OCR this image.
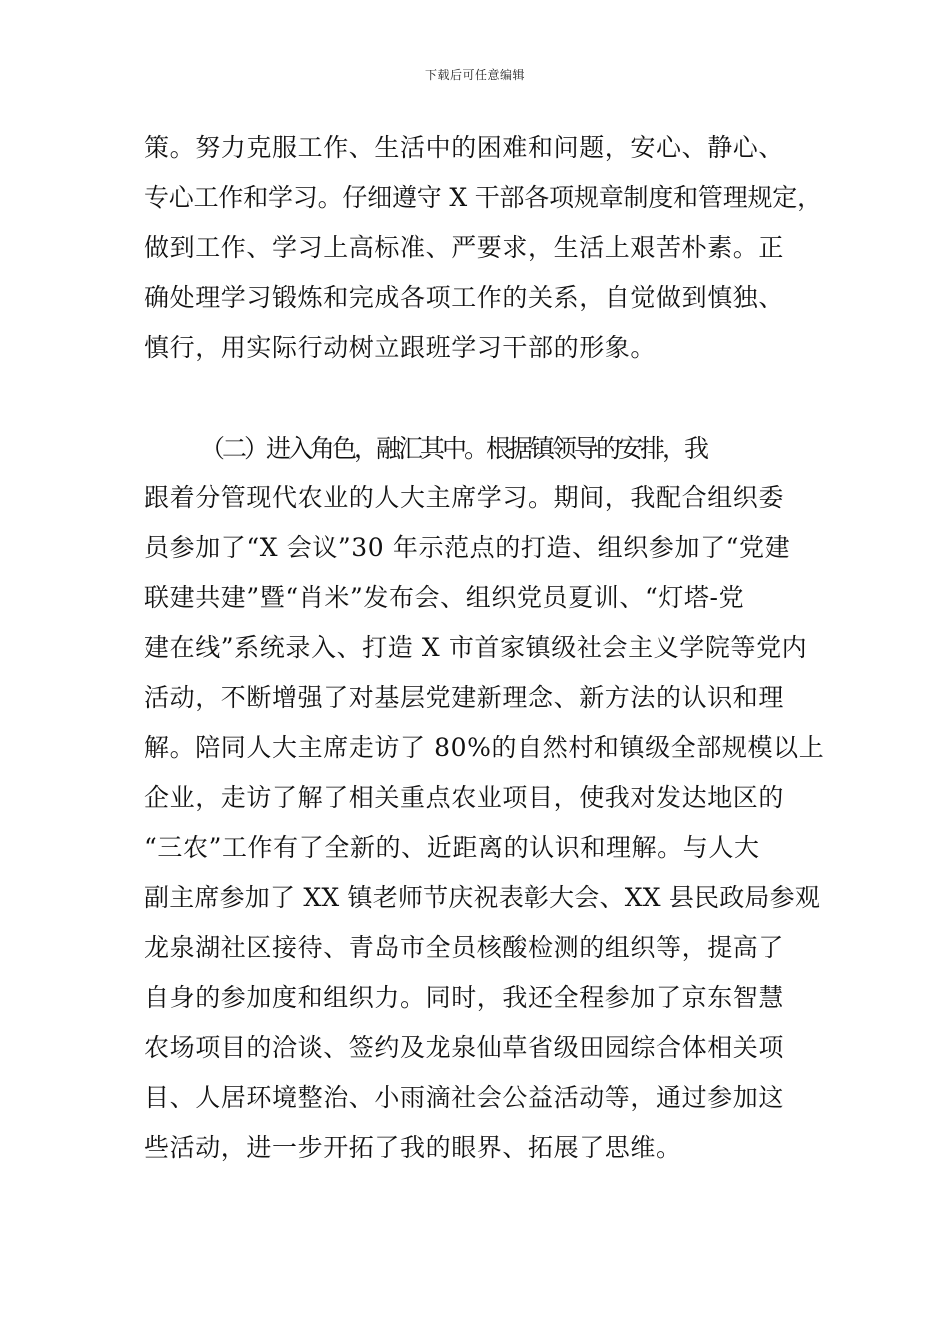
下载后可任意编辑
策。努力克服工作、生活中的困难和问题，安心、静心、
专心工作和学习。仔细遵守 X 干部各项规章制度和管理规定，
做到工作、学习上高标准、严要求，生活上艰苦朴素。正
确处理学习锻炼和完成各项工作的关系，自觉做到慎独、
慎行，用实际行动树立跟班学习干部的形象。
（二）进入角色，融汇其中。根据镇领导的安排，我
跟着分管现代农业的人大主席学习。期间，我配合组织委
员参加了“X 会议”30 年示范点的打造、组织参加了“党建
联建共建”暨“肖米”发布会、组织党员夏训、“灯塔-党
建在线”系统录入、打造 X 市首家镇级社会主义学院等党内
活动，不断增强了对基层党建新理念、新方法的认识和理
解。陪同人大主席走访了 80%的自然村和镇级全部规模以上
企业，走访了解了相关重点农业项目，使我对发达地区的
“三农”工作有了全新的、近距离的认识和理解。与人大
副主席参加了 XX 镇老师节庆祝表彰大会、XX 县民政局参观
龙泉湖社区接待、青岛市全员核酸检测的组织等，提高了
自身的参加度和组织力。同时，我还全程参加了京东智慧
农场项目的洽谈、签约及龙泉仙草省级田园综合体相关项
目、人居环境整治、小雨滴社会公益活动等，通过参加这
些活动，进一步开拓了我的眼界、拓展了思维。
